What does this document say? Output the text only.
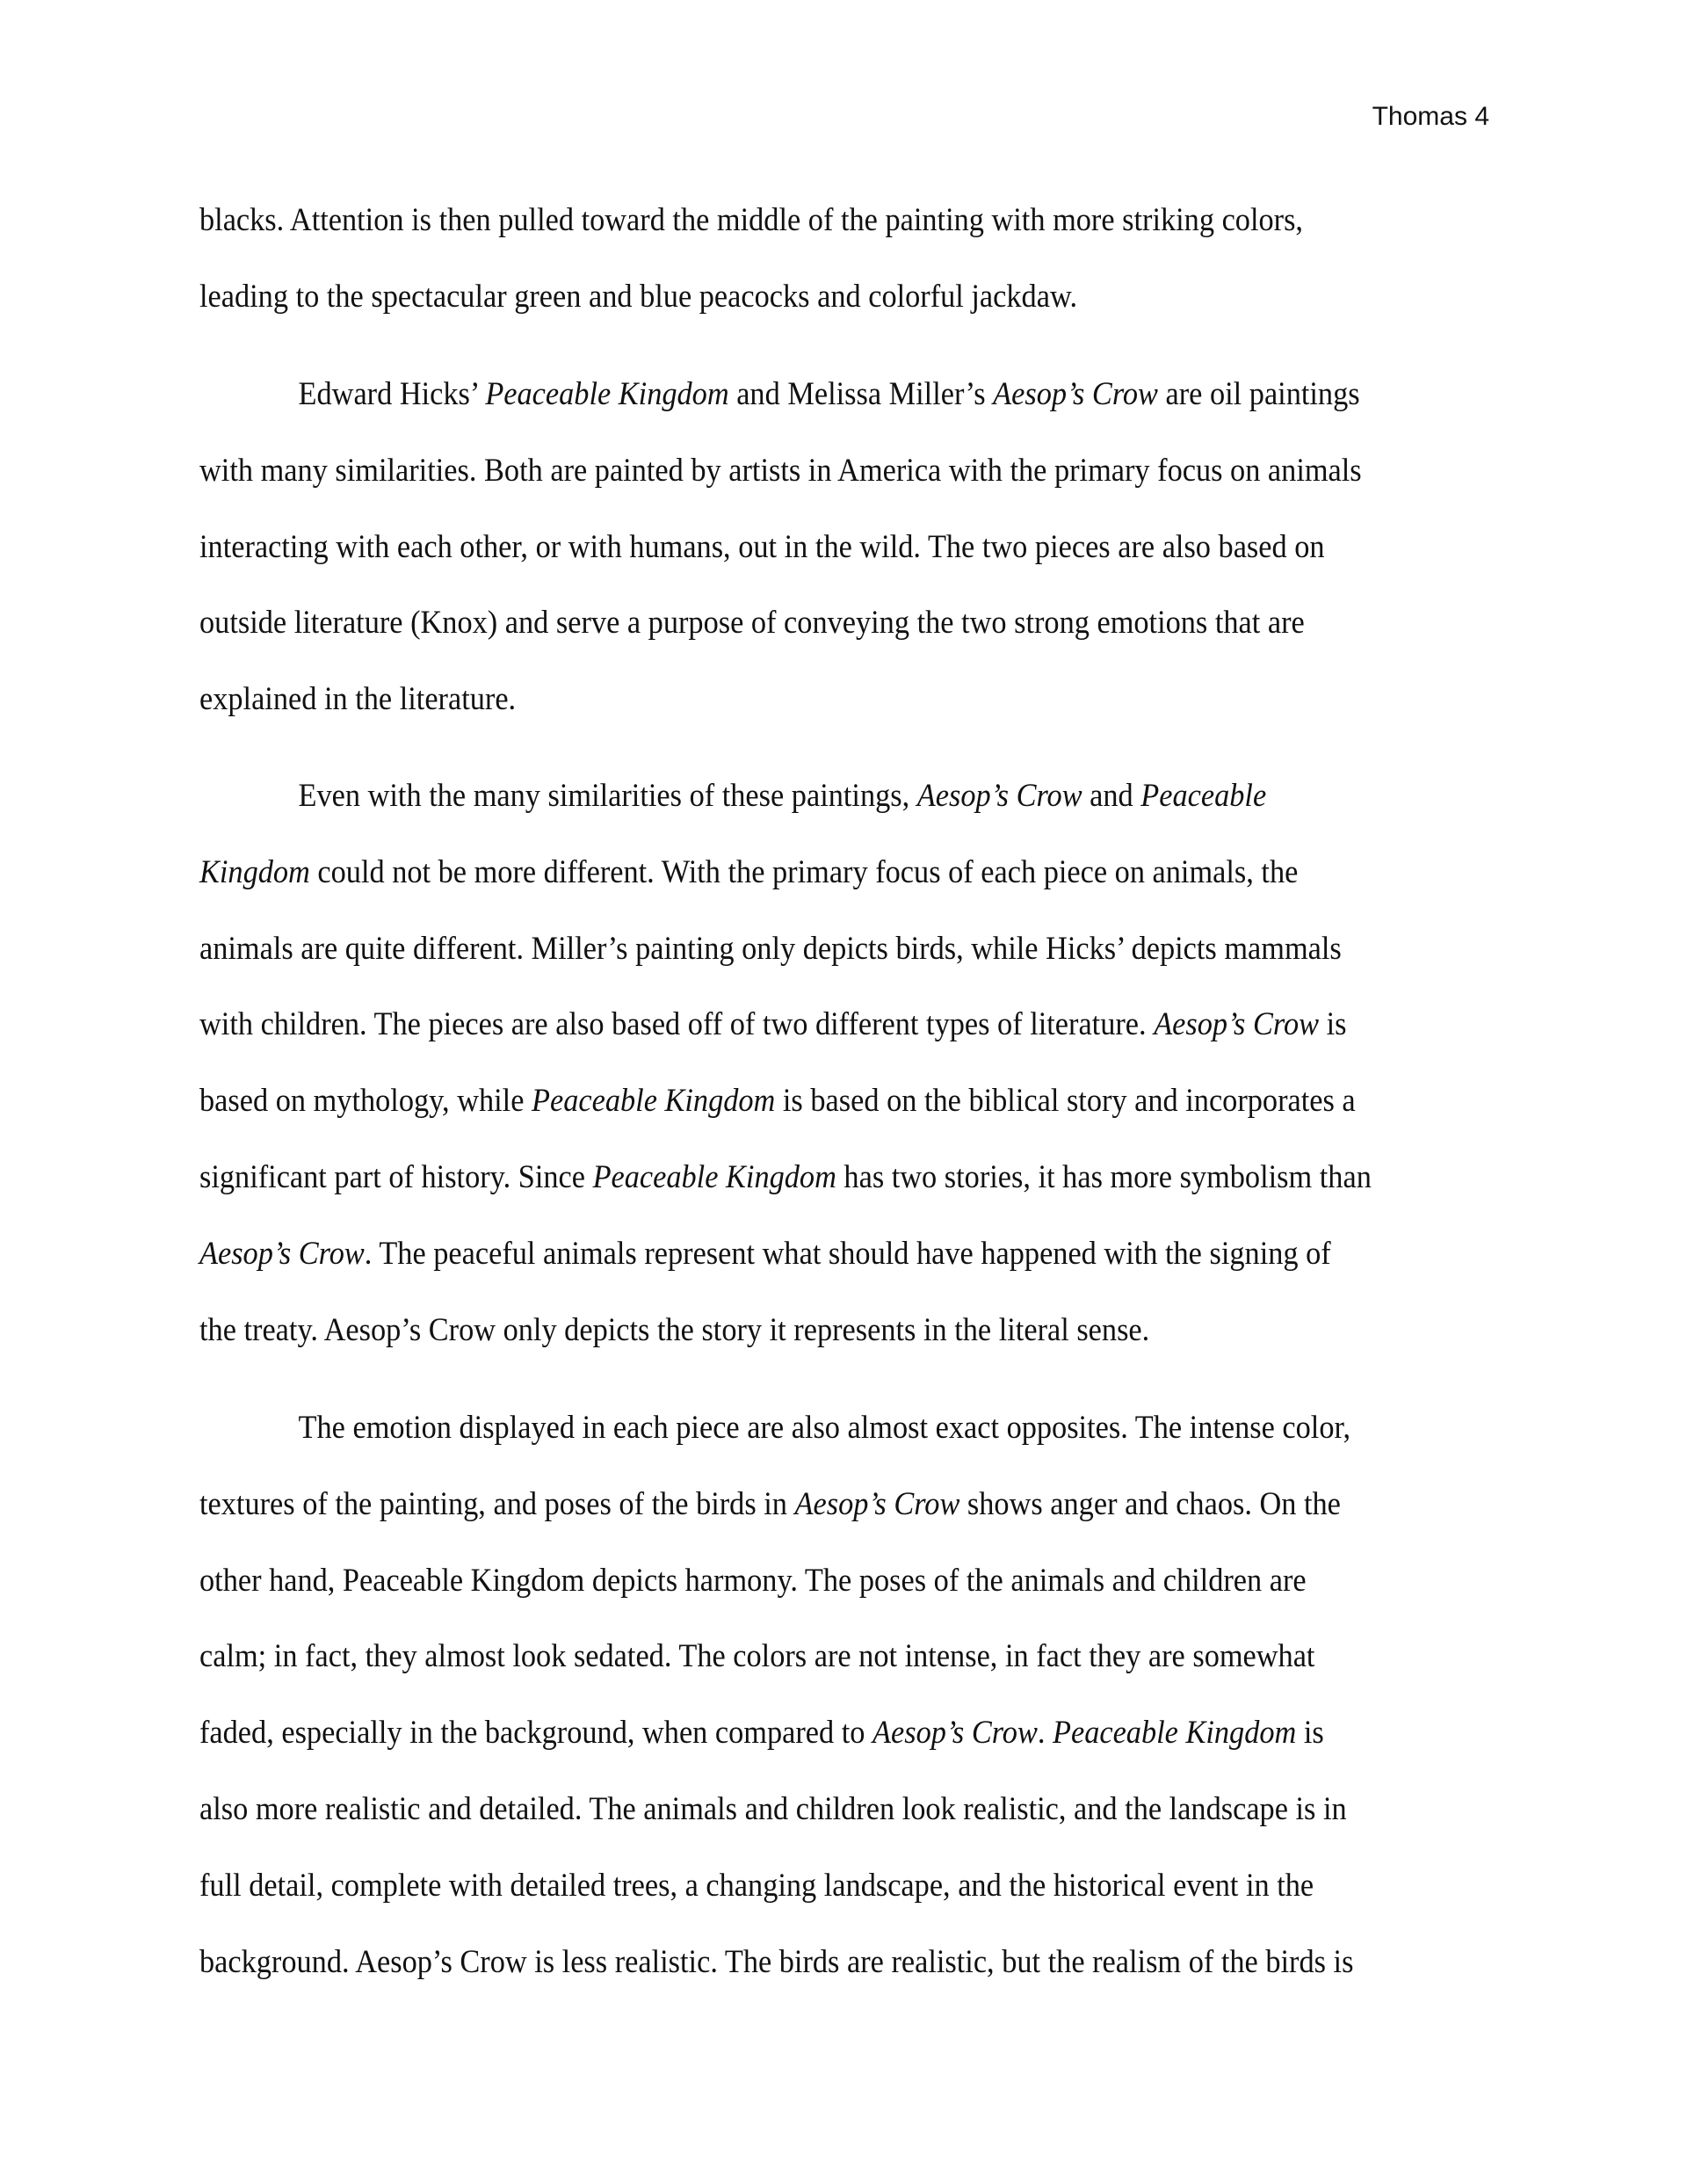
Thomas 4
blacks. Attention is then pulled toward the middle of the painting with more striking colors,
leading to the spectacular green and blue peacocks and colorful jackdaw.
Edward Hicks’ Peaceable Kingdom and Melissa Miller’s Aesop’s Crow are oil paintings
with many similarities. Both are painted by artists in America with the primary focus on animals
interacting with each other, or with humans, out in the wild. The two pieces are also based on
outside literature (Knox) and serve a purpose of conveying the two strong emotions that are
explained in the literature.
Even with the many similarities of these paintings, Aesop’s Crow and Peaceable
Kingdom could not be more different. With the primary focus of each piece on animals, the
animals are quite different. Miller’s painting only depicts birds, while Hicks’ depicts mammals
with children. The pieces are also based off of two different types of literature. Aesop’s Crow is
based on mythology, while Peaceable Kingdom is based on the biblical story and incorporates a
significant part of history. Since Peaceable Kingdom has two stories, it has more symbolism than
Aesop’s Crow. The peaceful animals represent what should have happened with the signing of
the treaty. Aesop’s Crow only depicts the story it represents in the literal sense.
The emotion displayed in each piece are also almost exact opposites. The intense color,
textures of the painting, and poses of the birds in Aesop’s Crow shows anger and chaos. On the
other hand, Peaceable Kingdom depicts harmony. The poses of the animals and children are
calm; in fact, they almost look sedated. The colors are not intense, in fact they are somewhat
faded, especially in the background, when compared to Aesop’s Crow. Peaceable Kingdom is
also more realistic and detailed. The animals and children look realistic, and the landscape is in
full detail, complete with detailed trees, a changing landscape, and the historical event in the
background. Aesop’s Crow is less realistic. The birds are realistic, but the realism of the birds is
